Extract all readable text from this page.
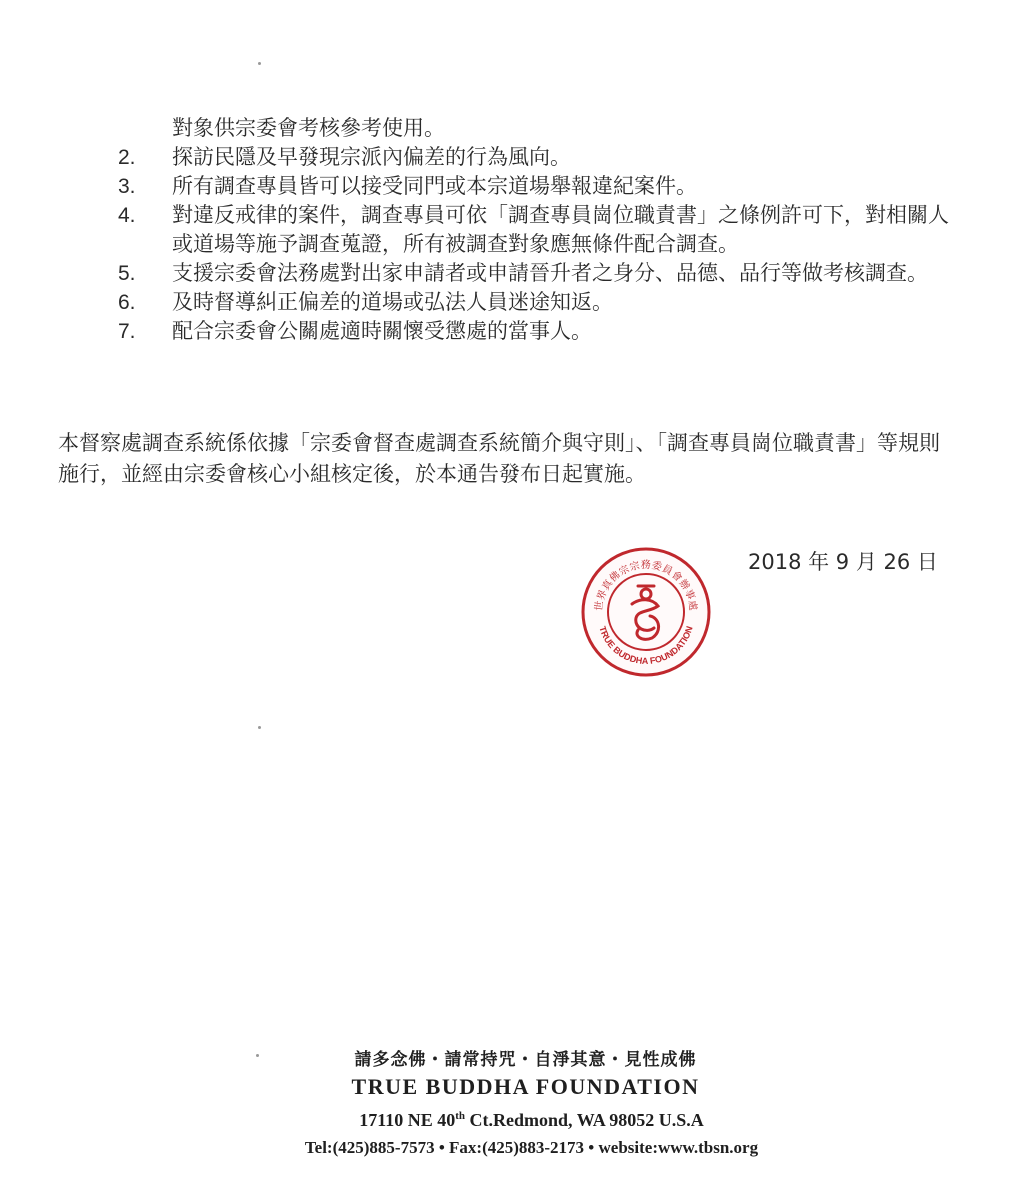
對象供宗委會考核參考使用。
2.	探訪民隱及早發現宗派內偏差的行為風向。
3.	所有調查專員皆可以接受同門或本宗道場舉報違紀案件。
4.	對違反戒律的案件，調查專員可依「調查專員崗位職責書」之條例許可下，對相關人或道場等施予調查蒐證，所有被調查對象應無條件配合調查。
5.	支援宗委會法務處對出家申請者或申請晉升者之身分、品德、品行等做考核調查。
6.	及時督導糾正偏差的道場或弘法人員迷途知返。
7.	配合宗委會公關處適時關懷受懲處的當事人。
本督察處調查系統係依據「宗委會督查處調查系統簡介與守則」、「調查專員崗位職責書」等規則施行，並經由宗委會核心小組核定後，於本通告發布日起實施。
2018 年 9 月 26 日
世界真佛宗宗務委員會辦事處
TRUE BUDDHA FOUNDATION
請多念佛・請常持咒・自淨其意・見性成佛
TRUE BUDDHA FOUNDATION
17110 NE 40th Ct.Redmond, WA 98052 U.S.A
Tel:(425)885-7573 • Fax:(425)883-2173 • website:www.tbsn.org
